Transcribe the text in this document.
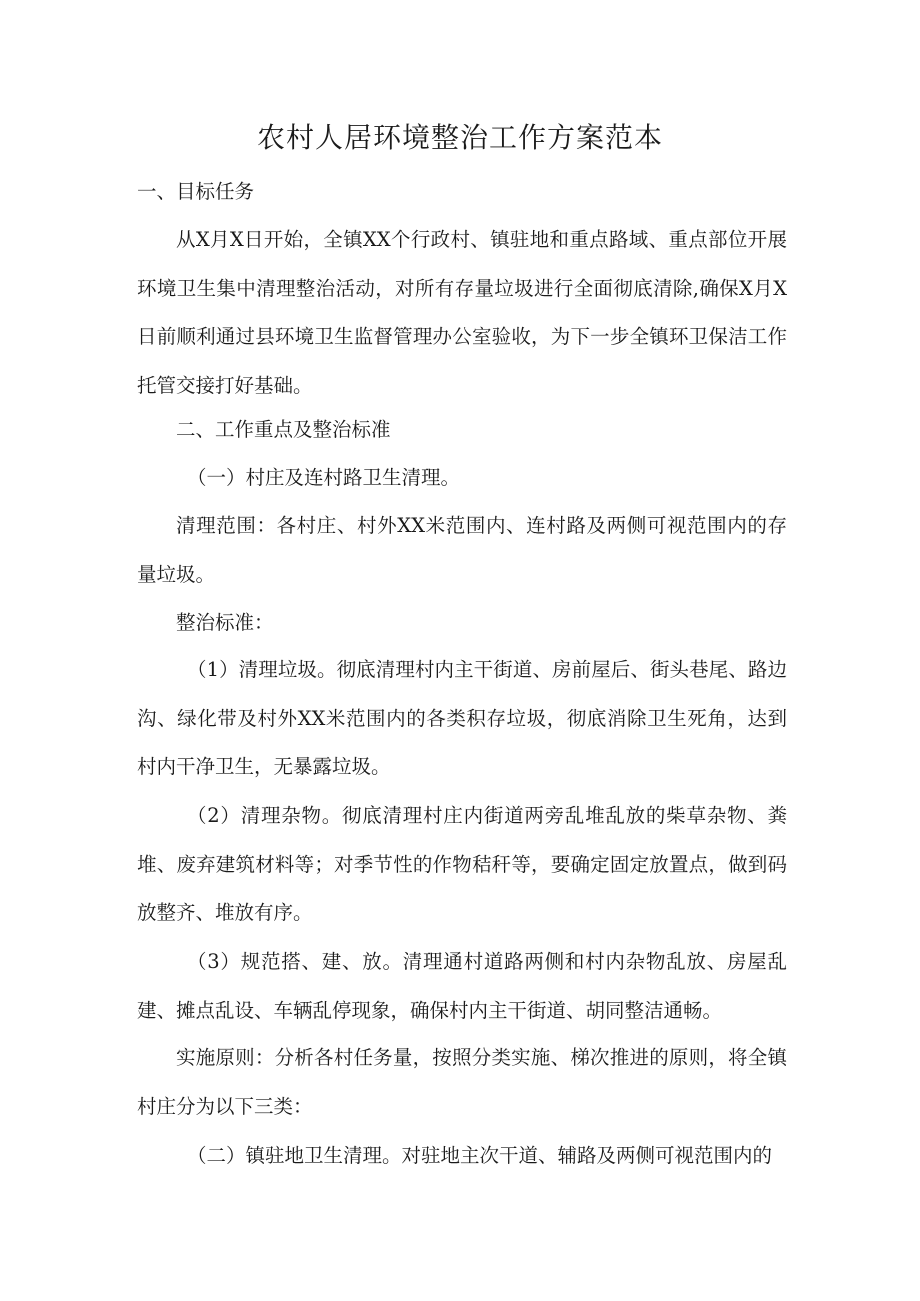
农村人居环境整治工作方案范本

一、目标任务

从X月X日开始，全镇XX个行政村、镇驻地和重点路域、重点部位开展环境卫生集中清理整治活动，对所有存量垃圾进行全面彻底清除,确保X月X日前顺利通过县环境卫生监督管理办公室验收，为下一步全镇环卫保洁工作托管交接打好基础。

二、工作重点及整治标准

（一）村庄及连村路卫生清理。

清理范围：各村庄、村外XX米范围内、连村路及两侧可视范围内的存量垃圾。

整治标准：

（1）清理垃圾。彻底清理村内主干街道、房前屋后、街头巷尾、路边沟、绿化带及村外XX米范围内的各类积存垃圾，彻底消除卫生死角，达到村内干净卫生，无暴露垃圾。

（2）清理杂物。彻底清理村庄内街道两旁乱堆乱放的柴草杂物、粪堆、废弃建筑材料等；对季节性的作物秸秆等，要确定固定放置点，做到码放整齐、堆放有序。

（3）规范搭、建、放。清理通村道路两侧和村内杂物乱放、房屋乱建、摊点乱设、车辆乱停现象，确保村内主干街道、胡同整洁通畅。

实施原则：分析各村任务量，按照分类实施、梯次推进的原则，将全镇村庄分为以下三类：

（二）镇驻地卫生清理。对驻地主次干道、辅路及两侧可视范围内的
